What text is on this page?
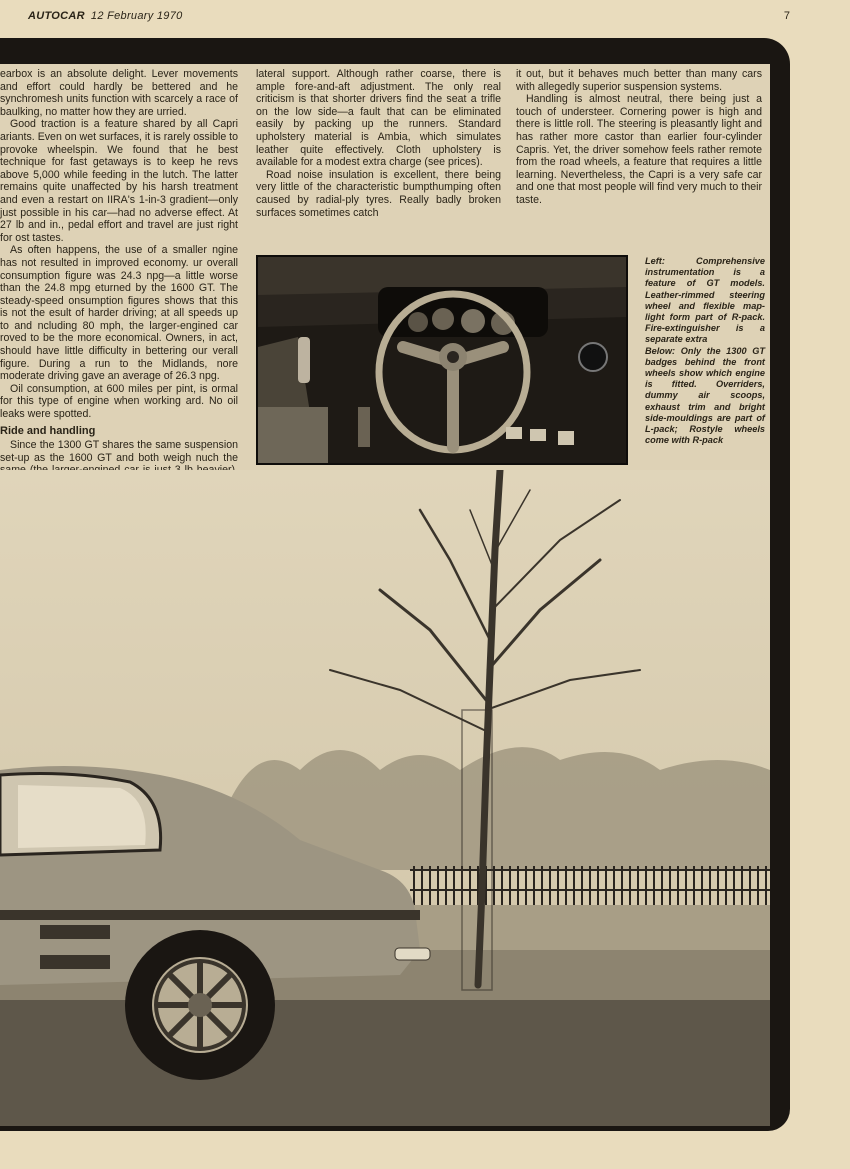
AUTOCAR 12 February 1970	7

earbox is an absolute delight. Lever movements and effort could hardly be bettered and he synchromesh units function with scarcely a race of baulking, no matter how they are urried.

Good traction is a feature shared by all Capri ariants. Even on wet surfaces, it is rarely ossible to provoke wheelspin. We found that he best technique for fast getaways is to keep he revs above 5,000 while feeding in the lutch. The latter remains quite unaffected by his harsh treatment and even a restart on IIRA's 1-in-3 gradient—only just possible in his car—had no adverse effect. At 27 lb and in., pedal effort and travel are just right for ost tastes.

As often happens, the use of a smaller ngine has not resulted in improved economy. ur overall consumption figure was 24.3 npg—a little worse than the 24.8 mpg eturned by the 1600 GT. The steady-speed onsumption figures shows that this is not the esult of harder driving; at all speeds up to and ncluding 80 mph, the larger-engined car roved to be the more economical. Owners, in act, should have little difficulty in bettering our verall figure. During a run to the Midlands, nore moderate driving gave an average of 26.3 npg.

Oil consumption, at 600 miles per pint, is ormal for this type of engine when working ard. No oil leaks were spotted.

Ride and handling

Since the 1300 GT shares the same suspension set-up as the 1600 GT and both weigh nuch the

lateral support. Although rather coarse, there is ample fore-and-aft adjustment. The only real criticism is that shorter drivers find the seat a trifle on the low side—a fault that can be eliminated easily by packing up the runners. Standard upholstery material is Ambia, which simulates leather quite effectively. Cloth upholstery is available for a modest extra charge (see prices).

Road noise insulation is excellent, there being very little of the characteristic bumpthumping often caused by radial-ply tyres. Really badly broken surfaces sometimes catch

it out, but it behaves much better than many cars with allegedly superior suspension systems.

Handling is almost neutral, there being just a touch of understeer. Cornering power is high and there is little roll. The steering is pleasantly light and has rather more castor than earlier four-cylinder Capris. Yet, the driver somehow feels rather remote from the road wheels, a feature that requires a little learning. Nevertheless, the Capri is a very safe car and one that most people will find very much to their taste.

Left: Comprehensive instrumentation is a feature of GT models. Leather-rimmed steering wheel and flexible map-light form part of R-pack. Fire-extinguisher is a separate extra

Below: Only the 1300 GT badges behind the front wheels show which engine is fitted. Overriders, dummy air scoops, exhaust trim and bright side-mouldings are part of L-pack; Rostyle wheels come with R-pack
